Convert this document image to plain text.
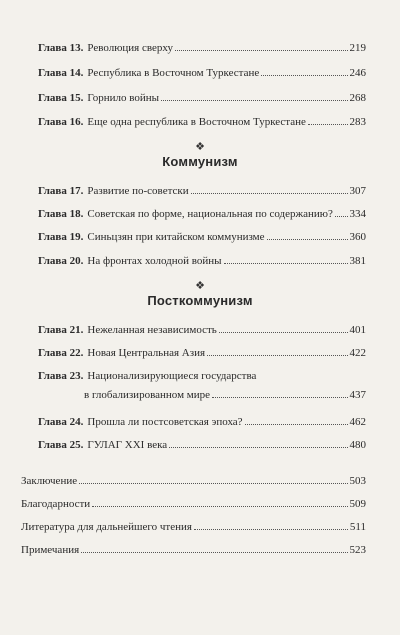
Глава 13. Революция сверху	219
Глава 14. Республика в Восточном Туркестане	246
Глава 15. Горнило войны	268
Глава 16. Еще одна республика в Восточном Туркестане	283
❖
Коммунизм
Глава 17. Развитие по-советски	307
Глава 18. Советская по форме, национальная по содержанию? 334
Глава 19. Синьцзян при китайском коммунизме	360
Глава 20. На фронтах холодной войны	381
❖
Посткоммунизм
Глава 21. Нежеланная независимость	401
Глава 22. Новая Центральная Азия	422
Глава 23. Национализирующиеся государства
в глобализированном мире	437
Глава 24. Прошла ли постсоветская эпоха?	462
Глава 25. ГУЛАГ XXI века	480
Заключение	503
Благодарности	509
Литература для дальнейшего чтения	511
Примечания	523
